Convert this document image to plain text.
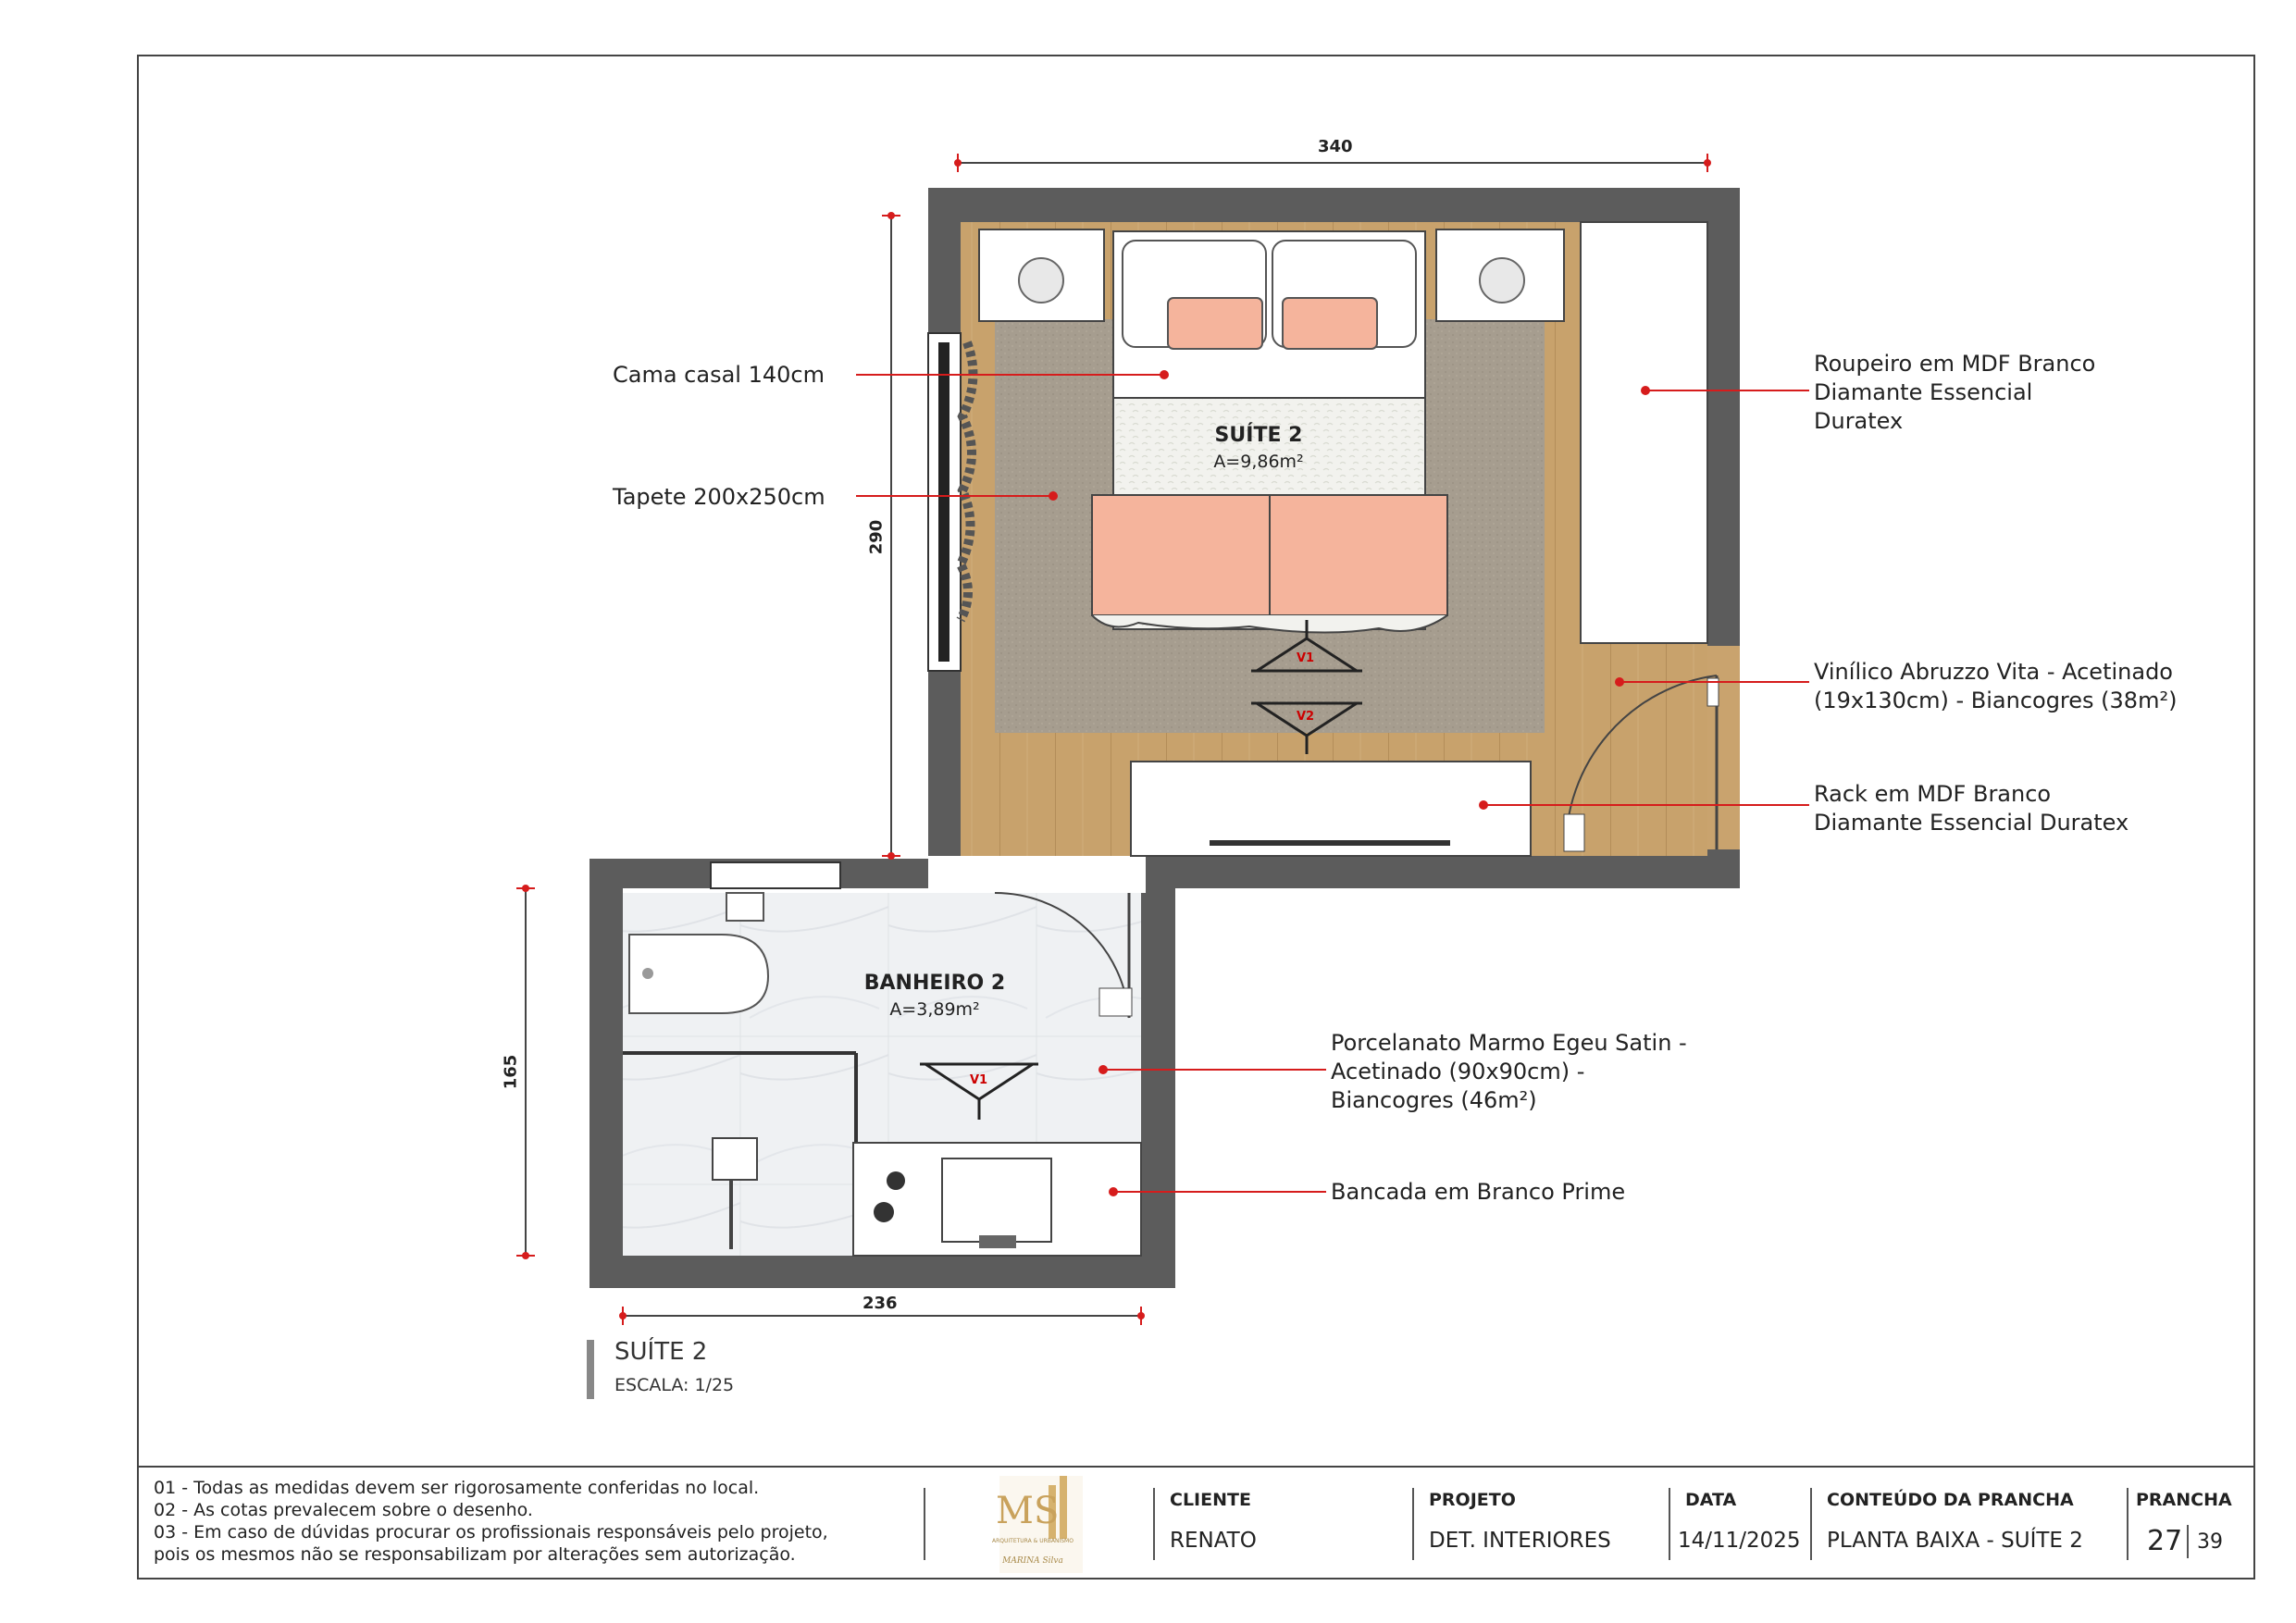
340
290
165
236
SUÍTE 2
A=9,86m²
BANHEIRO 2
A=3,89m²
V1
V2
V1
Cama casal 140cm
Tapete 200x250cm
Roupeiro em MDF Branco
Diamante Essencial
Duratex
Vinílico Abruzzo Vita - Acetinado
(19x130cm) - Biancogres (38m²)
Rack em MDF Branco
Diamante Essencial Duratex
Porcelanato Marmo Egeu Satin -
Acetinado (90x90cm) -
Biancogres (46m²)
Bancada em Branco Prime
SUÍTE 2
ESCALA: 1/25
01 - Todas as medidas devem ser rigorosamente conferidas no local.
02 - As cotas prevalecem sobre o desenho.
03 - Em caso de dúvidas procurar os profissionais responsáveis pelo projeto,
pois os mesmos não se responsabilizam por alterações sem autorização.
MS
ARQUITETURA & URBANISMO
MARINA Silva
CLIENTE
RENATO
PROJETO
DET. INTERIORES
DATA
14/11/2025
CONTEÚDO DA PRANCHA
PLANTA BAIXA - SUÍTE 2
PRANCHA
27 39
